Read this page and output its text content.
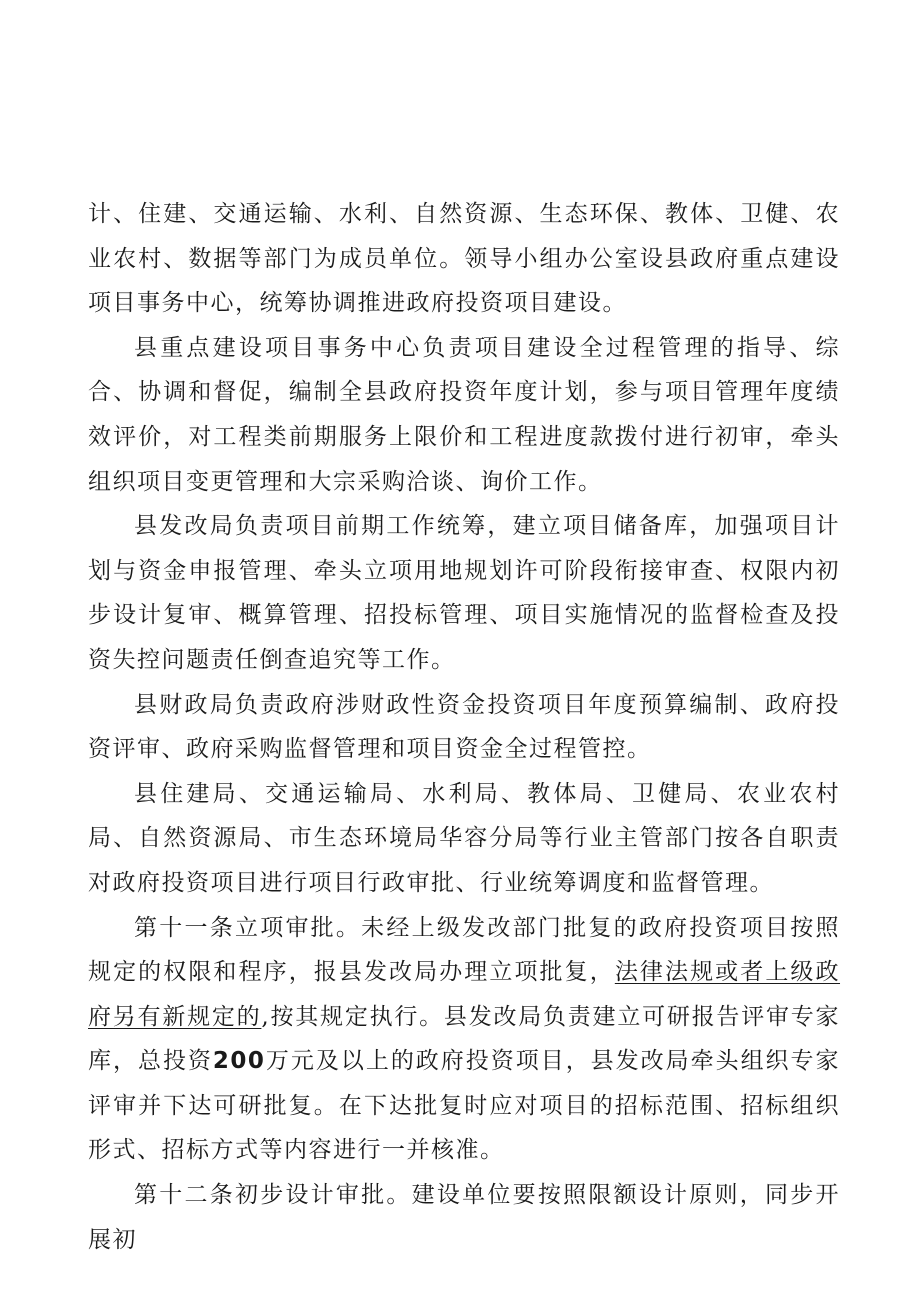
计、住建、交通运输、水利、自然资源、生态环保、教体、卫健、农业农村、数据等部门为成员单位。领导小组办公室设县政府重点建设项目事务中心，统筹协调推进政府投资项目建设。

县重点建设项目事务中心负责项目建设全过程管理的指导、综合、协调和督促，编制全县政府投资年度计划，参与项目管理年度绩效评价，对工程类前期服务上限价和工程进度款拨付进行初审，牵头组织项目变更管理和大宗采购洽谈、询价工作。

县发改局负责项目前期工作统筹，建立项目储备库，加强项目计划与资金申报管理、牵头立项用地规划许可阶段衔接审查、权限内初步设计复审、概算管理、招投标管理、项目实施情况的监督检查及投资失控问题责任倒查追究等工作。

县财政局负责政府涉财政性资金投资项目年度预算编制、政府投资评审、政府采购监督管理和项目资金全过程管控。

县住建局、交通运输局、水利局、教体局、卫健局、农业农村局、自然资源局、市生态环境局华容分局等行业主管部门按各自职责对政府投资项目进行项目行政审批、行业统筹调度和监督管理。

第十一条立项审批。未经上级发改部门批复的政府投资项目按照规定的权限和程序，报县发改局办理立项批复，法律法规或者上级政府另有新规定的,按其规定执行。县发改局负责建立可研报告评审专家库，总投资200万元及以上的政府投资项目，县发改局牵头组织专家评审并下达可研批复。在下达批复时应对项目的招标范围、招标组织形式、招标方式等内容进行一并核准。

第十二条初步设计审批。建设单位要按照限额设计原则，同步开展初
